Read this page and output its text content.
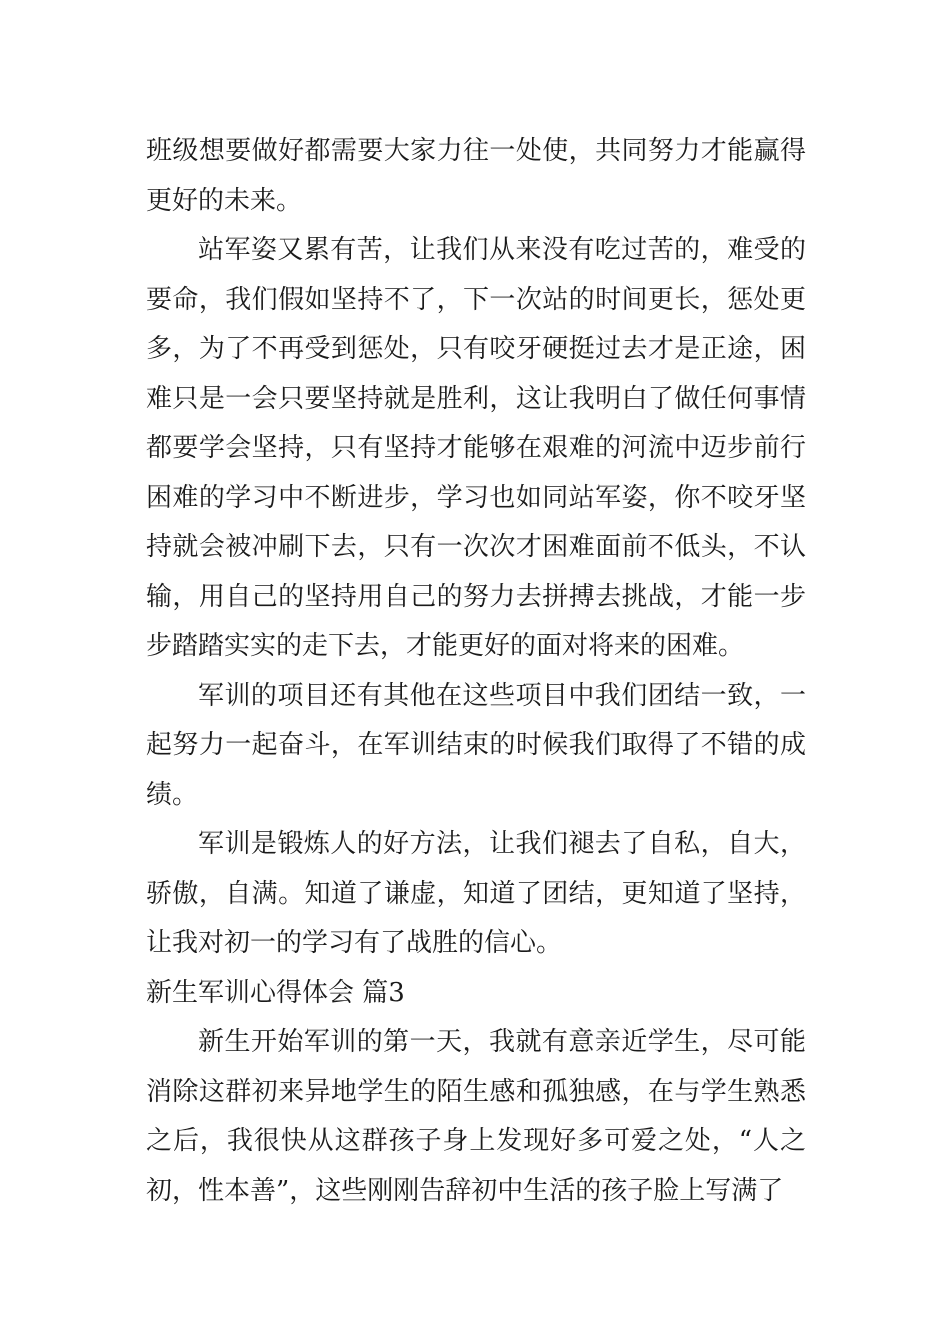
班级想要做好都需要大家力往一处使，共同努力才能赢得更好的未来。

站军姿又累有苦，让我们从来没有吃过苦的，难受的要命，我们假如坚持不了，下一次站的时间更长，惩处更多，为了不再受到惩处，只有咬牙硬挺过去才是正途，困难只是一会只要坚持就是胜利，这让我明白了做任何事情都要学会坚持，只有坚持才能够在艰难的河流中迈步前行困难的学习中不断进步，学习也如同站军姿，你不咬牙坚持就会被冲刷下去，只有一次次才困难面前不低头，不认输，用自己的坚持用自己的努力去拼搏去挑战，才能一步步踏踏实实的走下去，才能更好的面对将来的困难。

军训的项目还有其他在这些项目中我们团结一致，一起努力一起奋斗，在军训结束的时候我们取得了不错的成绩。

军训是锻炼人的好方法，让我们褪去了自私，自大，骄傲，自满。知道了谦虚，知道了团结，更知道了坚持，让我对初一的学习有了战胜的信心。

新生军训心得体会 篇3

新生开始军训的第一天，我就有意亲近学生，尽可能消除这群初来异地学生的陌生感和孤独感，在与学生熟悉之后，我很快从这群孩子身上发现好多可爱之处，“人之初，性本善”，这些刚刚告辞初中生活的孩子脸上写满了
